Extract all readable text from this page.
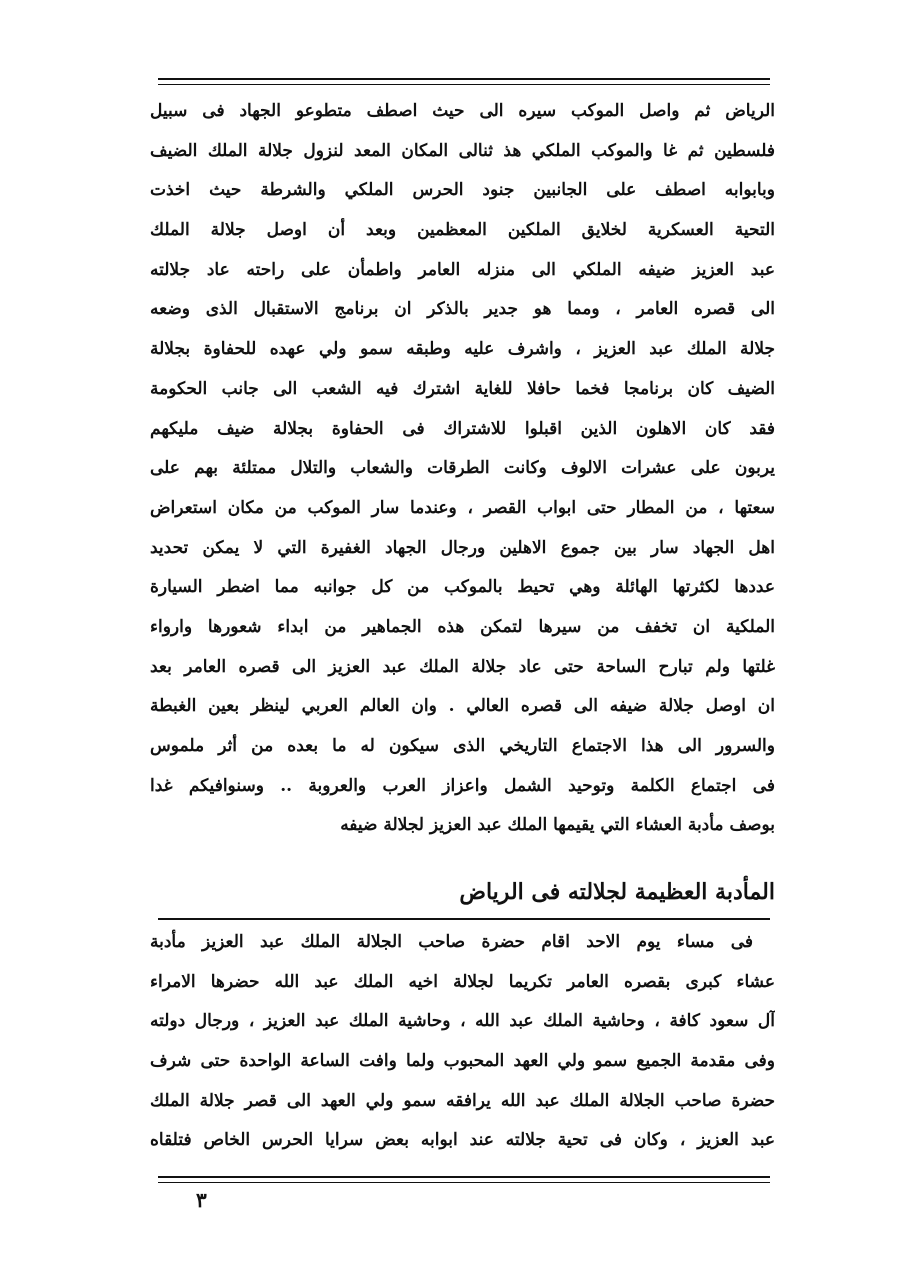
الرياض ثم واصل الموكب سيره الى حيث اصطف متطوعو الجهاد فى سبيل
فلسطين ثم غا والموكب الملكي هذ ثنالى المكان المعد لنزول جلالة الملك الضيف
وبابوابه اصطف على الجانبين جنود الحرس الملكي والشرطة حيث اخذت
التحية العسكرية لخلايق الملكين المعظمين وبعد أن اوصل جلالة الملك
عبد العزيز ضيفه الملكي الى منزله العامر واطمأن على راحته عاد جلالته
الى قصره العامر ، ومما هو جدير بالذكر ان برنامج الاستقبال الذى وضعه
جلالة الملك عبد العزيز ، واشرف عليه وطبقه سمو ولي عهده للحفاوة بجلالة
الضيف كان برنامجا فخما حافلا للغاية اشترك فيه الشعب الى جانب الحكومة
فقد كان الاهلون الذين اقبلوا للاشتراك فى الحفاوة بجلالة ضيف مليكهم
يربون على عشرات الالوف وكانت الطرقات والشعاب والتلال ممتلئة بهم على
سعتها ، من المطار حتى ابواب القصر ، وعندما سار الموكب من مكان استعراض
اهل الجهاد سار بين جموع الاهلين ورجال الجهاد الغفيرة التي لا يمكن تحديد
عددها لكثرتها الهائلة وهي تحيط بالموكب من كل جوانبه مما اضطر السيارة
الملكية ان تخفف من سيرها لتمكن هذه الجماهير من ابداء شعورها وارواء
غلتها ولم تبارح الساحة حتى عاد جلالة الملك عبد العزيز الى قصره العامر بعد
ان اوصل جلالة ضيفه الى قصره العالي . وان العالم العربي لينظر بعين الغبطة
والسرور الى هذا الاجتماع التاريخي الذى سيكون له ما بعده من أثر ملموس
فى اجتماع الكلمة وتوحيد الشمل واعزاز العرب والعروبة .. وسنوافيكم غدا
بوصف مأدبة العشاء التي يقيمها الملك عبد العزيز لجلالة ضيفه
المأدبة العظيمة لجلالته فى الرياض
فى مساء يوم الاحد اقام حضرة صاحب الجلالة الملك عبد العزيز مأدبة
عشاء كبرى بقصره العامر تكريما لجلالة اخيه الملك عبد الله حضرها الامراء
آل سعود كافة ، وحاشية الملك عبد الله ، وحاشية الملك عبد العزيز ، ورجال دولته
وفى مقدمة الجميع سمو ولي العهد المحبوب ولما وافت الساعة الواحدة حتى شرف
حضرة صاحب الجلالة الملك عبد الله يرافقه سمو ولي العهد الى قصر جلالة الملك
عبد العزيز ، وكان فى تحية جلالته عند ابوابه بعض سرايا الحرس الخاص فتلقاه
٣
